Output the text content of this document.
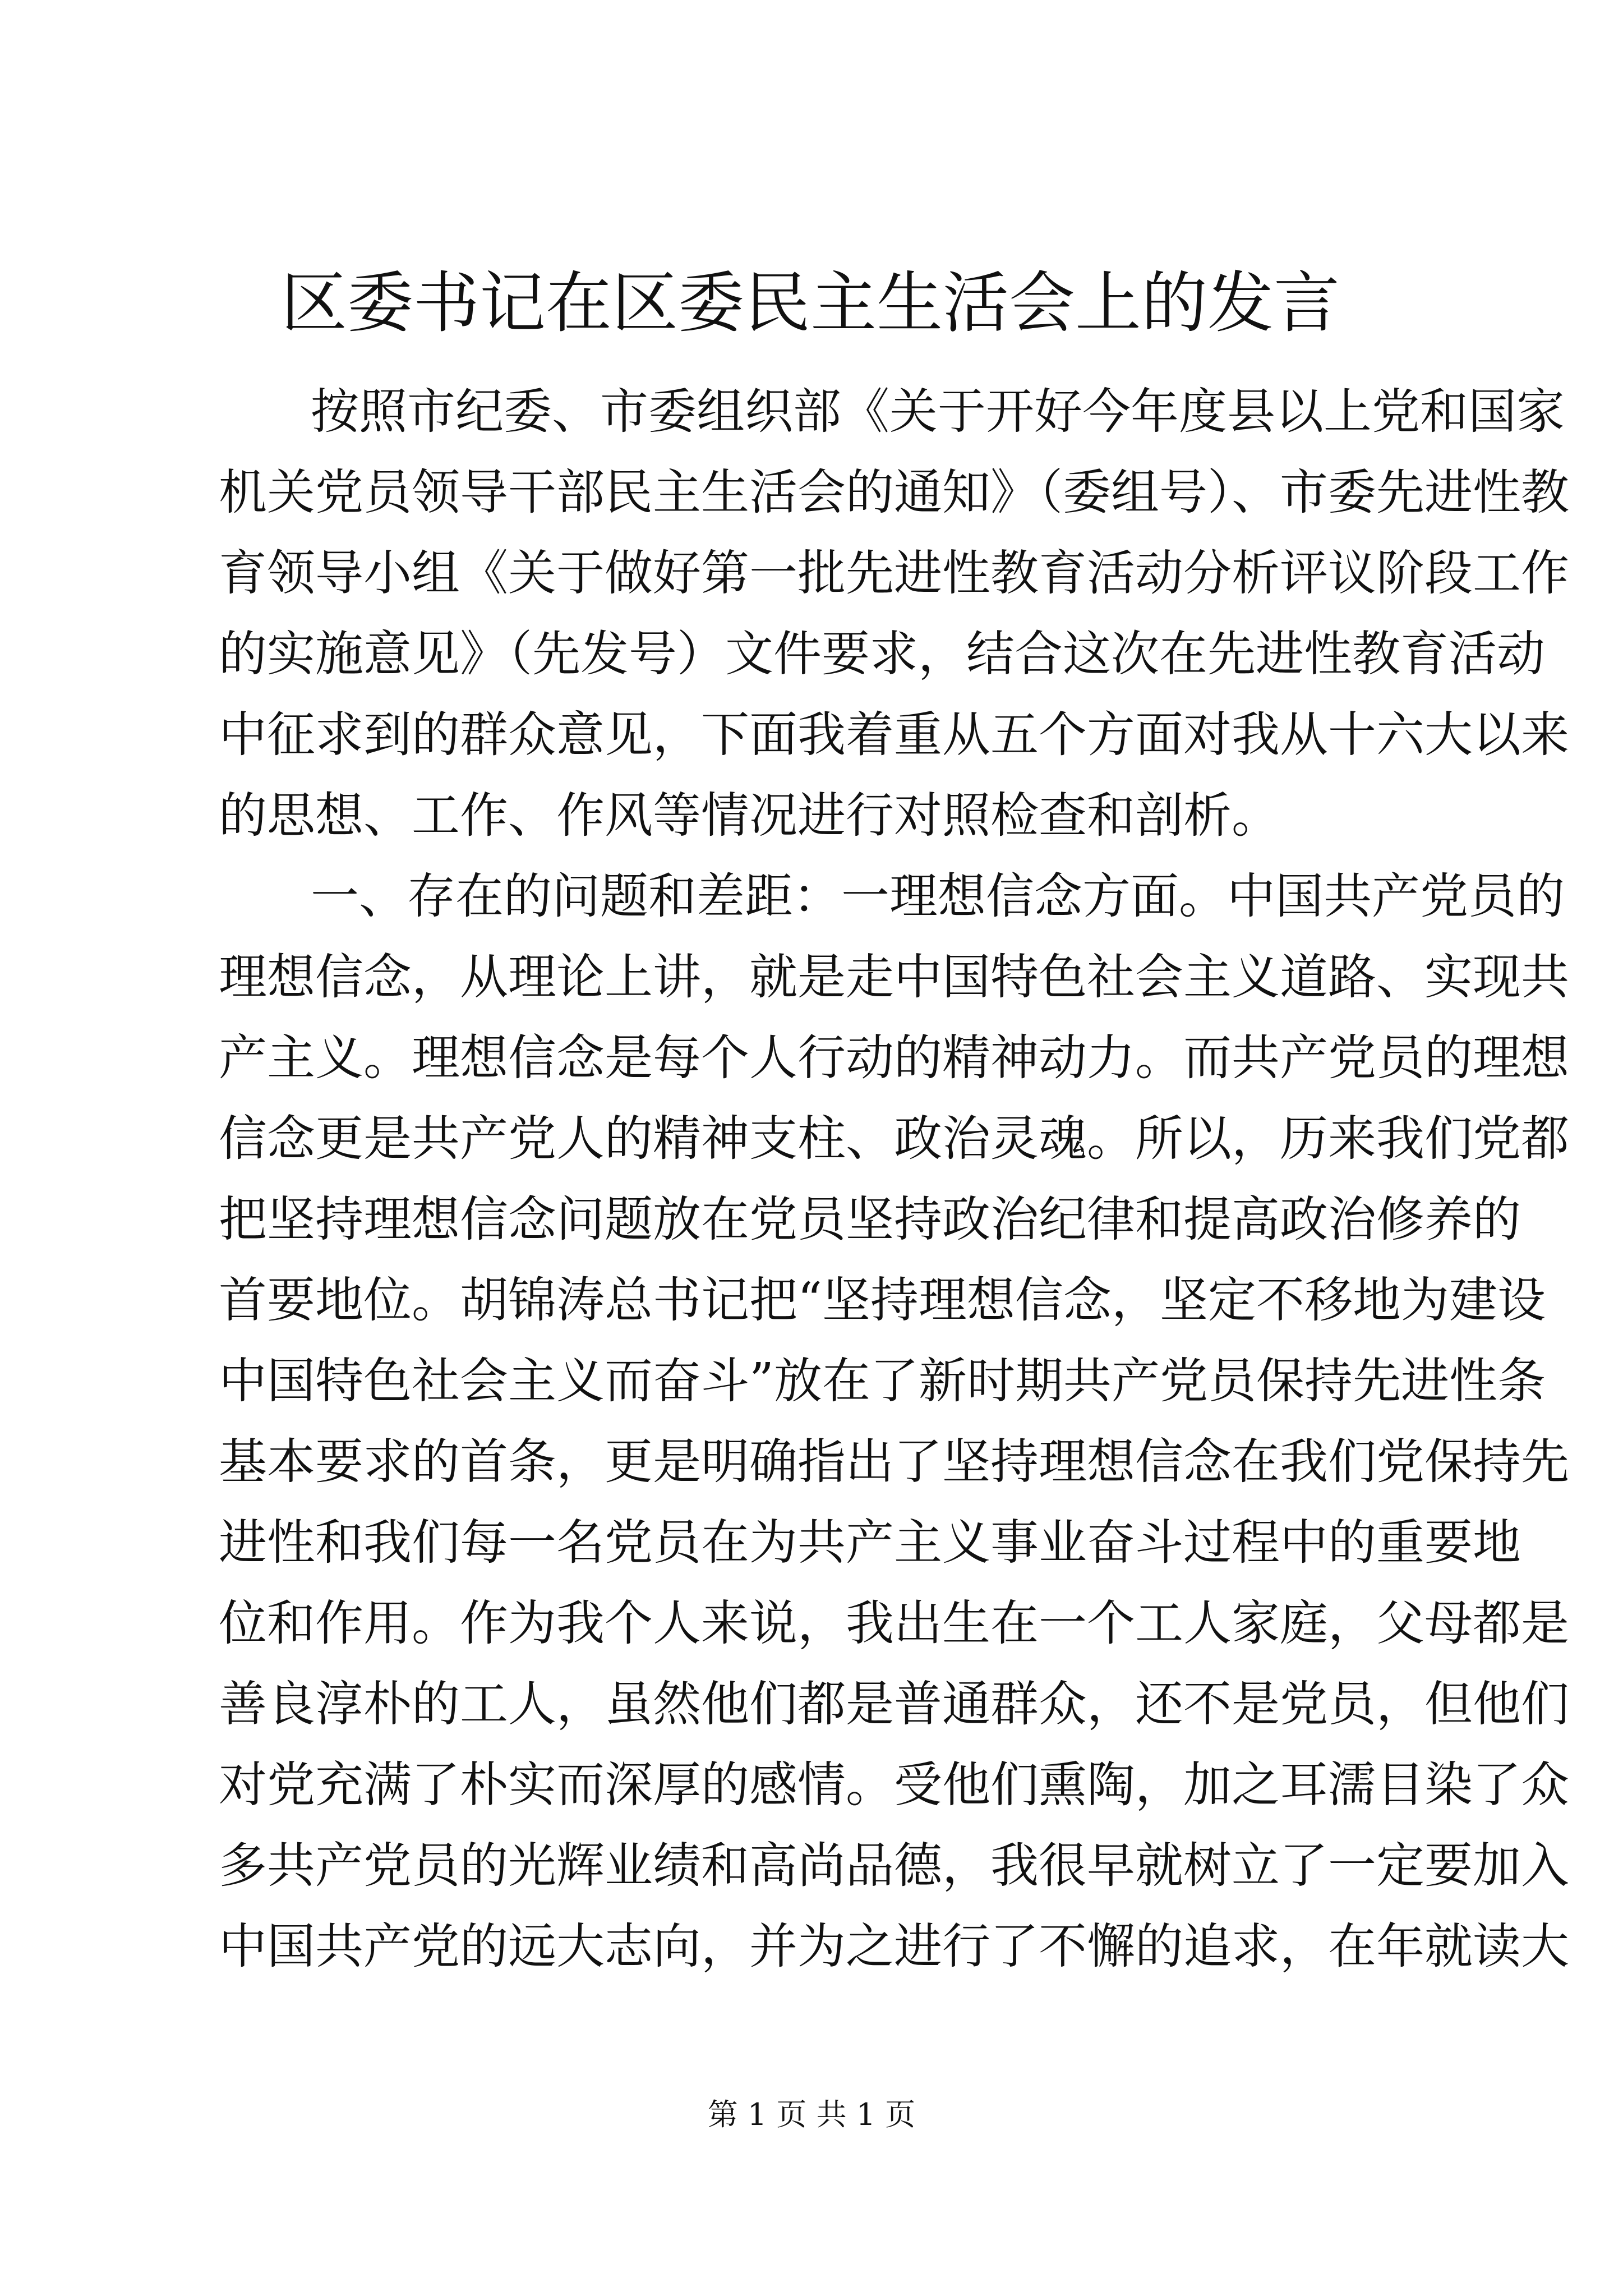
区委书记在区委民主生活会上的发言
按照市纪委、市委组织部《关于开好今年度县以上党和国家
机关党员领导干部民主生活会的通知》（委组号）、市委先进性教
育领导小组《关于做好第一批先进性教育活动分析评议阶段工作
的实施意见》（先发号）文件要求，结合这次在先进性教育活动
中征求到的群众意见，下面我着重从五个方面对我从十六大以来
的思想、工作、作风等情况进行对照检查和剖析。
一、存在的问题和差距：一理想信念方面。中国共产党员的
理想信念，从理论上讲，就是走中国特色社会主义道路、实现共
产主义。理想信念是每个人行动的精神动力。而共产党员的理想
信念更是共产党人的精神支柱、政治灵魂。所以，历来我们党都
把坚持理想信念问题放在党员坚持政治纪律和提高政治修养的
首要地位。胡锦涛总书记把“坚持理想信念，坚定不移地为建设
中国特色社会主义而奋斗”放在了新时期共产党员保持先进性条
基本要求的首条，更是明确指出了坚持理想信念在我们党保持先
进性和我们每一名党员在为共产主义事业奋斗过程中的重要地
位和作用。作为我个人来说，我出生在一个工人家庭，父母都是
善良淳朴的工人，虽然他们都是普通群众，还不是党员，但他们
对党充满了朴实而深厚的感情。受他们熏陶，加之耳濡目染了众
多共产党员的光辉业绩和高尚品德，我很早就树立了一定要加入
中国共产党的远大志向，并为之进行了不懈的追求，在年就读大
第 1 页 共 1 页
